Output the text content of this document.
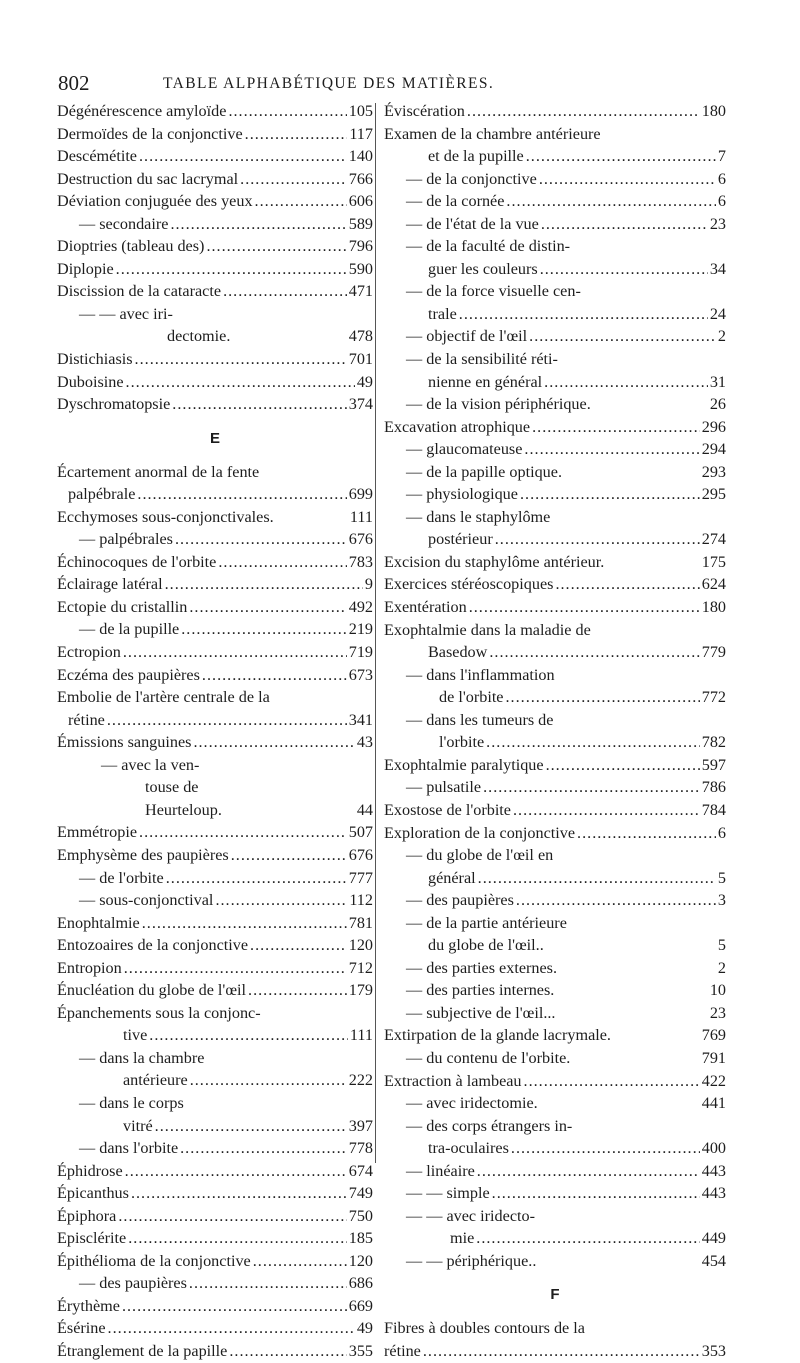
802	TABLE ALPHABÉTIQUE DES MATIÈRES.
Dégénérescence amyloïde .....	105
Dermoïdes de la conjonctive .....	117
Descémétite .....	140
Destruction du sac lacrymal .....	766
Déviation conjuguée des yeux .....	606
— secondaire .....	589
Dioptries (tableau des) .....	796
Diplopie .....	590
Discission de la cataracte .....	471
— — avec iri-
dectomie.	478
Distichiasis .....	701
Duboisine .....	49
Dyschromatopsie .....	374
E
Écartement anormal de la fente
palpébrale .....	699
Ecchymoses sous-conjonctivales.	111
— palpébrales .....	676
Échinocoques de l'orbite .....	783
Éclairage latéral .....	9
Ectopie du cristallin .....	492
— de la pupille .....	219
Ectropion .....	719
Eczéma des paupières .....	673
Embolie de l'artère centrale de la
rétine .....	341
Émissions sanguines .....	43
— avec la ven-
touse de
Heurteloup.	44
Emmétropie .....	507
Emphysème des paupières .....	676
— de l'orbite .....	777
— sous-conjonctival .....	112
Enophtalmie .....	781
Entozoaires de la conjonctive .....	120
Entropion .....	712
Énucléation du globe de l'œil .....	179
Épanchements sous la conjonc-
tive .....	111
— dans la chambre
antérieure .....	222
— dans le corps
vitré .....	397
— dans l'orbite .....	778
Éphidrose .....	674
Épicanthus .....	749
Épiphora .....	750
Episclérite .....	185
Épithélioma de la conjonctive .....	120
— des paupières .....	686
Érythème .....	669
Ésérine .....	49
Étranglement de la papille .....	355
Éviscération .....	180
Examen de la chambre antérieure
et de la pupille .....	7
— de la conjonctive .....	6
— de la cornée .....	6
— de l'état de la vue .....	23
— de la faculté de distin-
guer les couleurs .....	34
— de la force visuelle cen-
trale .....	24
— objectif de l'œil .....	2
— de la sensibilité réti-
nienne en général .....	31
— de la vision périphérique.	26
Excavation atrophique .....	296
— glaucomateuse .....	294
— de la papille optique.	293
— physiologique .....	295
— dans le staphylôme
postérieur .....	274
Excision du staphylôme antérieur.	175
Exercices stéréoscopiques .....	624
Exentération .....	180
Exophtalmie dans la maladie de
Basedow .....	779
— dans l'inflammation
de l'orbite .....	772
— dans les tumeurs de
l'orbite .....	782
Exophtalmie paralytique .....	597
— pulsatile .....	786
Exostose de l'orbite .....	784
Exploration de la conjonctive .....	6
— du globe de l'œil en
général .....	5
— des paupières .....	3
— de la partie antérieure
du globe de l'œil..	5
— des parties externes.	2
— des parties internes.	10
— subjective de l'œil...	23
Extirpation de la glande lacrymale.	769
— du contenu de l'orbite.	791
Extraction à lambeau .....	422
— avec iridectomie.	441
— des corps étrangers in-
tra-oculaires .....	400
— linéaire .....	443
— — simple .....	443
— — avec iridecto-
mie .....	449
— — périphérique..	454
F
Fibres à doubles contours de la
rétine .....	353
